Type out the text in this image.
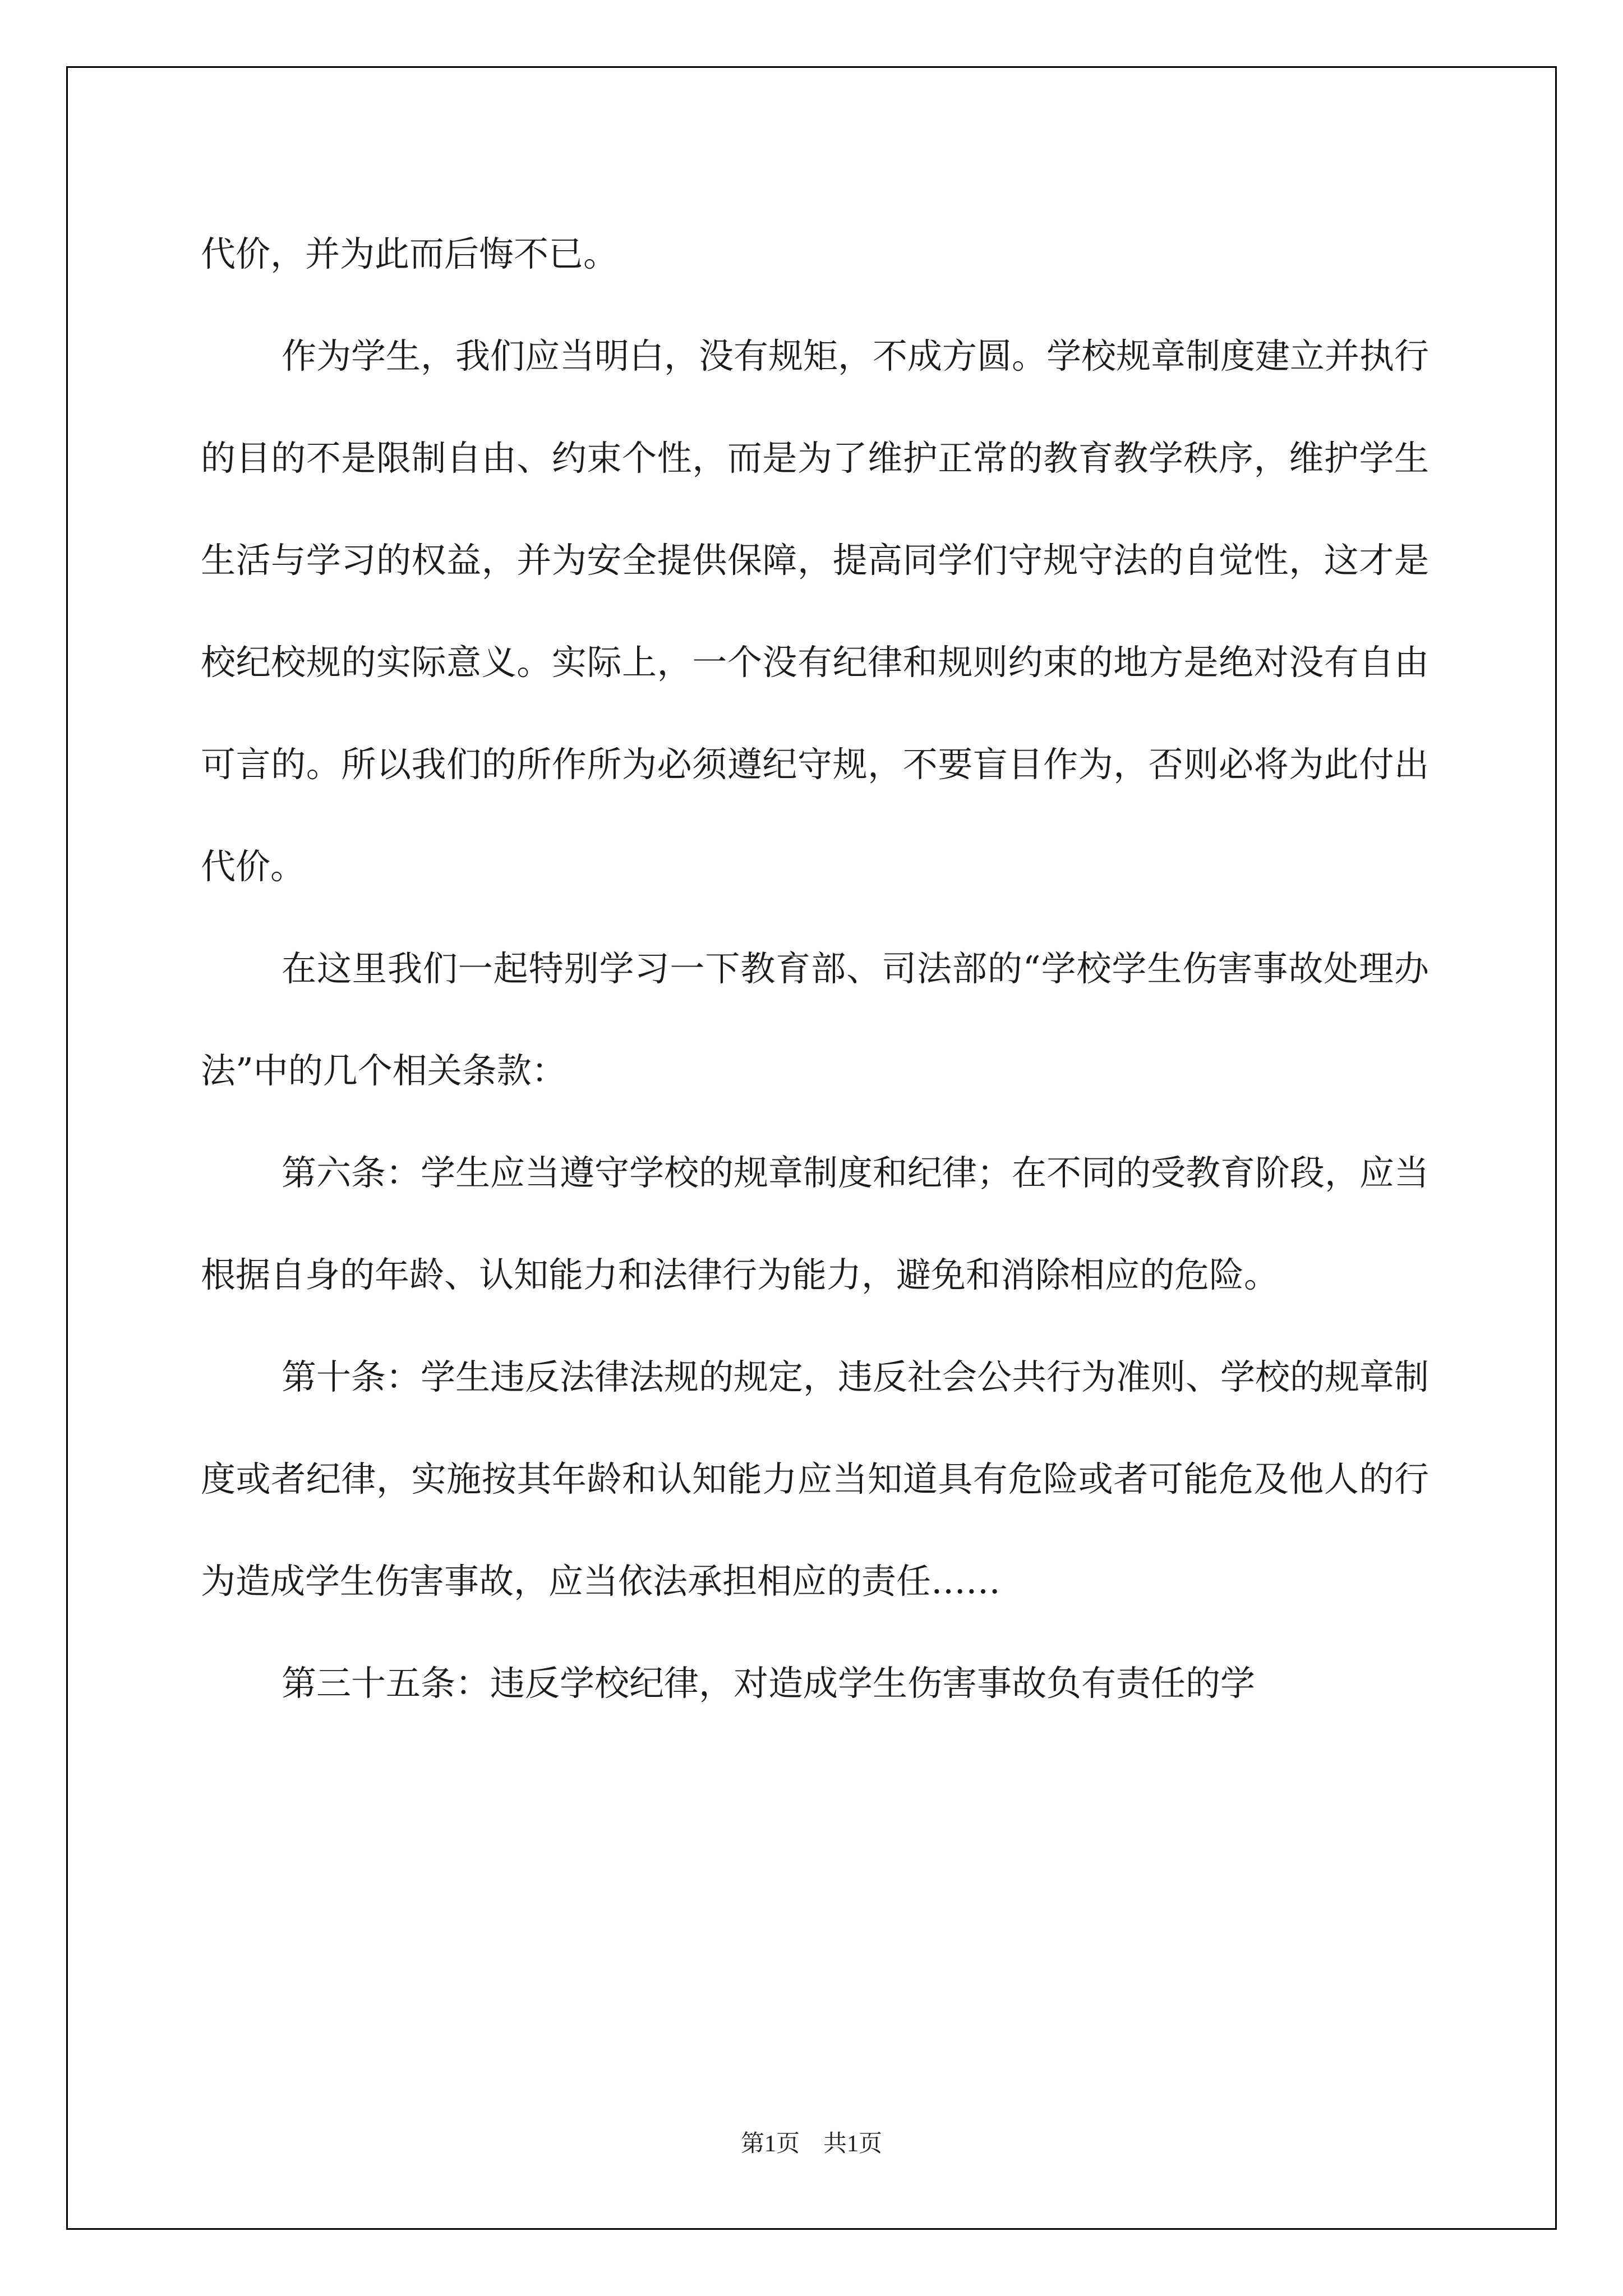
代价，并为此而后悔不已。

作为学生，我们应当明白，没有规矩，不成方圆。学校规章制度建立并执行的目的不是限制自由、约束个性，而是为了维护正常的教育教学秩序，维护学生生活与学习的权益，并为安全提供保障，提高同学们守规守法的自觉性，这才是校纪校规的实际意义。实际上，一个没有纪律和规则约束的地方是绝对没有自由可言的。所以我们的所作所为必须遵纪守规，不要盲目作为，否则必将为此付出代价。

在这里我们一起特别学习一下教育部、司法部的“学校学生伤害事故处理办法”中的几个相关条款：

第六条：学生应当遵守学校的规章制度和纪律；在不同的受教育阶段，应当根据自身的年龄、认知能力和法律行为能力，避免和消除相应的危险。

第十条：学生违反法律法规的规定，违反社会公共行为准则、学校的规章制度或者纪律，实施按其年龄和认知能力应当知道具有危险或者可能危及他人的行为造成学生伤害事故，应当依法承担相应的责任……

第三十五条：违反学校纪律，对造成学生伤害事故负有责任的学

第1页　共1页
